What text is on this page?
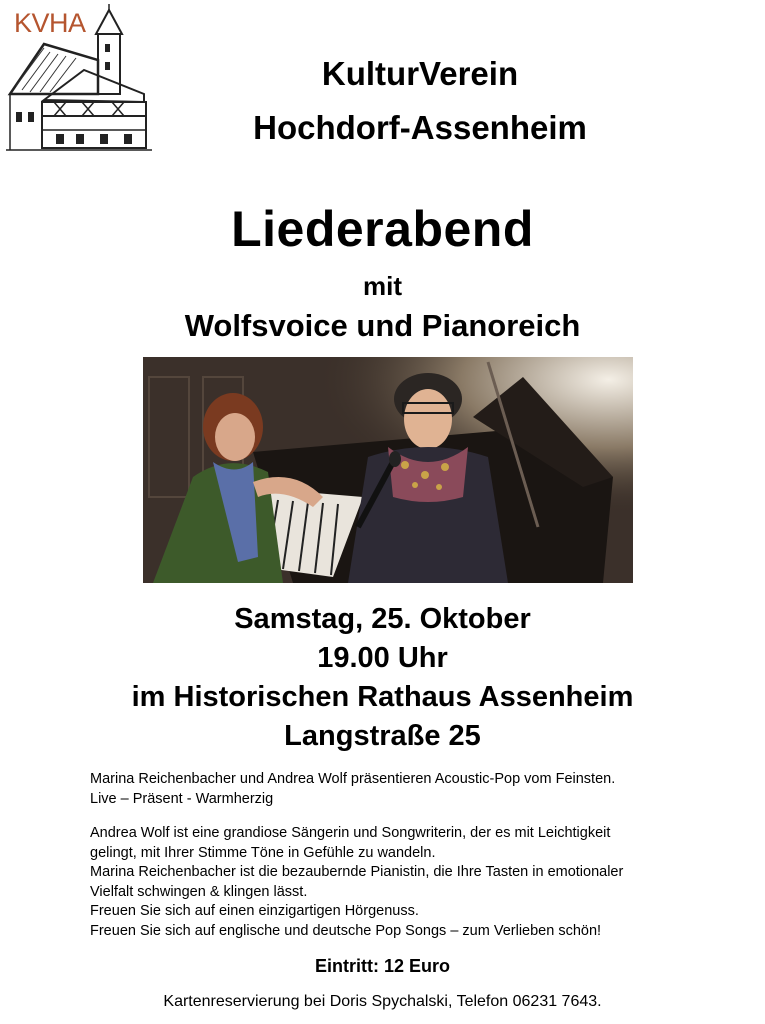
KVHA
KulturVerein
Hochdorf-Assenheim
Liederabend
mit
Wolfsvoice und Pianoreich
Samstag, 25. Oktober
19.00 Uhr
im Historischen Rathaus Assenheim
Langstraße 25
Marina Reichenbacher und Andrea Wolf präsentieren Acoustic-Pop vom Feinsten.
Live – Präsent - Warmherzig
Andrea Wolf ist eine grandiose Sängerin und Songwriterin, der es mit Leichtigkeit
gelingt, mit Ihrer Stimme Töne in Gefühle zu wandeln.
Marina Reichenbacher ist die bezaubernde Pianistin, die Ihre Tasten in emotionaler
Vielfalt schwingen & klingen lässt.
Freuen Sie sich auf einen einzigartigen Hörgenuss.
Freuen Sie sich auf englische und deutsche Pop Songs – zum Verlieben schön!
Eintritt: 12 Euro
Kartenreservierung bei Doris Spychalski, Telefon 06231 7643.
